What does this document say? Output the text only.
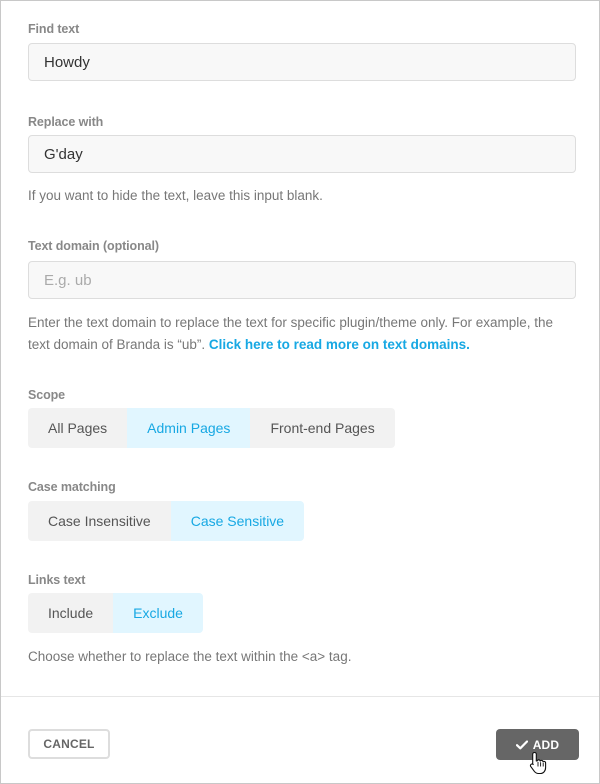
Find text
Howdy
Replace with
G'day
If you want to hide the text, leave this input blank.
Text domain (optional)
E.g. ub
Enter the text domain to replace the text for specific plugin/theme only. For example, the text domain of Branda is “ub”. Click here to read more on text domains.
Scope
All Pages	Admin Pages	Front-end Pages
Case matching
Case Insensitive	Case Sensitive
Links text
Include	Exclude
Choose whether to replace the text within the <a> tag.
CANCEL	ADD
